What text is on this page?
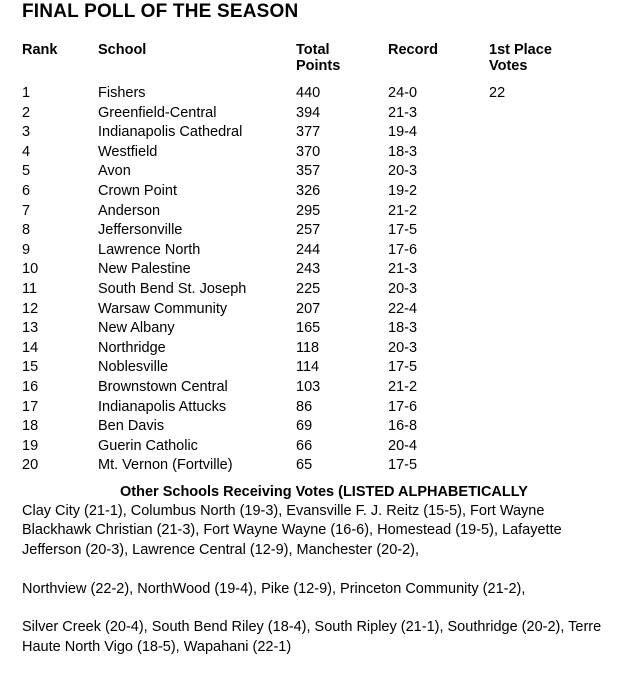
FINAL POLL OF THE SEASON
Rank	School	Total Points	Record	1st Place Votes

1	Fishers	440	24-0	22
2	Greenfield-Central	394	21-3	
3	Indianapolis Cathedral	377	19-4	
4	Westfield	370	18-3	
5	Avon	357	20-3	
6	Crown Point	326	19-2	
7	Anderson	295	21-2	
8	Jeffersonville	257	17-5	
9	Lawrence North	244	17-6	
10	New Palestine	243	21-3	
11	South Bend St. Joseph	225	20-3	
12	Warsaw Community	207	22-4	
13	New Albany	165	18-3	
14	Northridge	118	20-3	
15	Noblesville	114	17-5	
16	Brownstown Central	103	21-2	
17	Indianapolis Attucks	86	17-6	
18	Ben Davis	69	16-8	
19	Guerin Catholic	66	20-4	
20	Mt. Vernon (Fortville)	65	17-5	
Other Schools Receiving Votes (LISTED ALPHABETICALLY

Clay City (21-1), Columbus North (19-3), Evansville F. J. Reitz (15-5), Fort Wayne Blackhawk Christian (21-3), Fort Wayne Wayne (16-6), Homestead (19-5), Lafayette Jefferson (20-3), Lawrence Central (12-9), Manchester (20-2),

Northview (22-2), NorthWood (19-4), Pike (12-9), Princeton Community (21-2),

Silver Creek (20-4), South Bend Riley (18-4), South Ripley (21-1), Southridge (20-2), Terre Haute North Vigo (18-5), Wapahani (22-1)
